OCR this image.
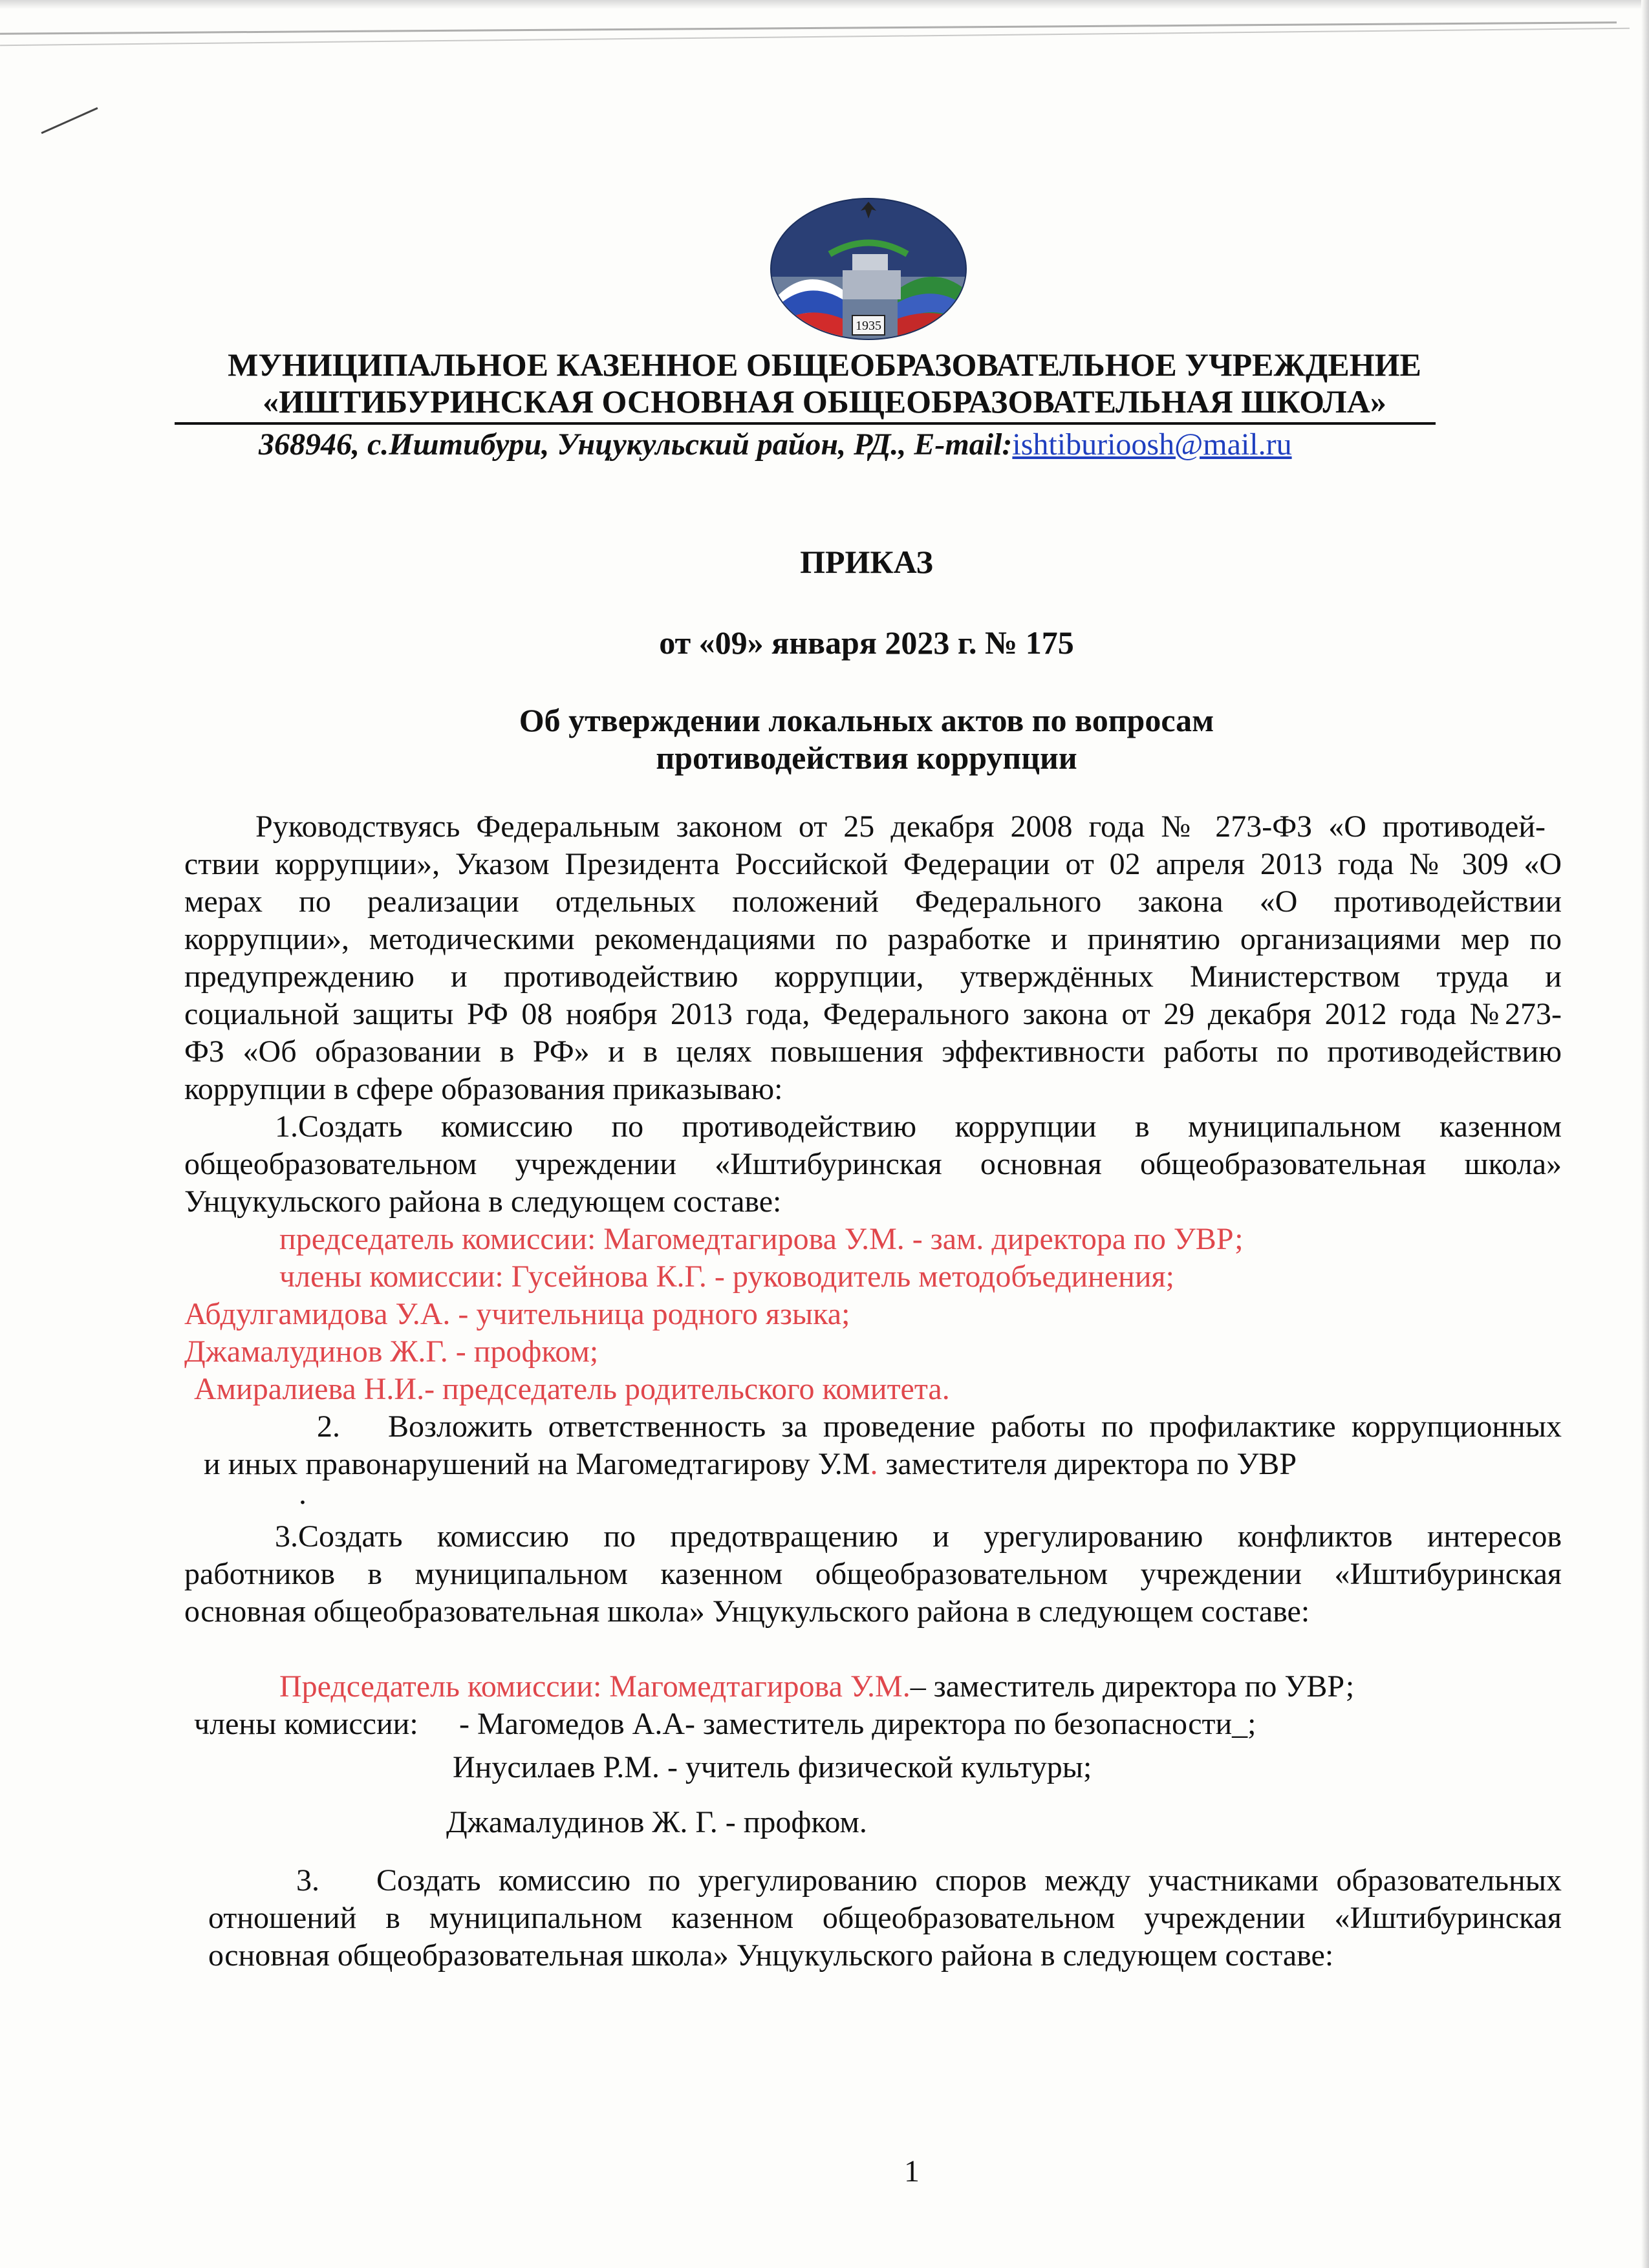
1935
МУНИЦИПАЛЬНОЕ КАЗЕННОЕ ОБЩЕОБРАЗОВАТЕЛЬНОЕ УЧРЕЖДЕНИЕ
«ИШТИБУРИНСКАЯ ОСНОВНАЯ ОБЩЕОБРАЗОВАТЕЛЬНАЯ ШКОЛА»
368946, с.Иштибури, Унцукульский район, РД., E-mail:ishtiburioosh@mail.ru
ПРИКАЗ
от «09» января 2023 г. № 175
Об утверждении локальных актов по вопросам
противодействия коррупции
Руководствуясь Федеральным законом от 25 декабря 2008 года № 273-ФЗ «О противодей-
ствии коррупции», Указом Президента Российской Федерации от 02 апреля 2013 года № 309 «О
мерах по реализации отдельных положений Федерального закона «О противодействии
коррупции», методическими рекомендациями по разработке и принятию организациями мер по
предупреждению и противодействию коррупции, утверждённых Министерством труда и
социальной защиты РФ 08 ноября 2013 года, Федерального закона от 29 декабря 2012 года №273-
ФЗ «Об образовании в РФ» и в целях повышения эффективности работы по противодействию
коррупции в сфере образования приказываю:
1.Создать комиссию по противодействию коррупции в муниципальном казенном
общеобразовательном учреждении «Иштибуринская основная общеобразовательная школа»
Унцукульского района в следующем составе:
председатель комиссии: Магомедтагирова У.М. - зам. директора по УВР;
члены комиссии: Гусейнова К.Г. - руководитель методобъединения;
Абдулгамидова У.А. - учительница родного языка;
Джамалудинов Ж.Г. - профком;
Амиралиева Н.И.- председатель родительского комитета.
2. Возложить ответственность за проведение работы по профилактике коррупционных
и иных правонарушений на Магомедтагирову У.М. заместителя директора по УВР
.
3.Создать комиссию по предотвращению и урегулированию конфликтов интересов
работников в муниципальном казенном общеобразовательном учреждении «Иштибуринская
основная общеобразовательная школа» Унцукульского района в следующем составе:
Председатель комиссии: Магомедтагирова У.М.– заместитель директора по УВР;
члены комиссии: - Магомедов А.А- заместитель директора по безопасности_;
Инусилаев Р.М. - учитель физической культуры;
Джамалудинов Ж. Г. - профком.
3. Создать комиссию по урегулированию споров между участниками образовательных
отношений в муниципальном казенном общеобразовательном учреждении «Иштибуринская
основная общеобразовательная школа» Унцукульского района в следующем составе:
1
